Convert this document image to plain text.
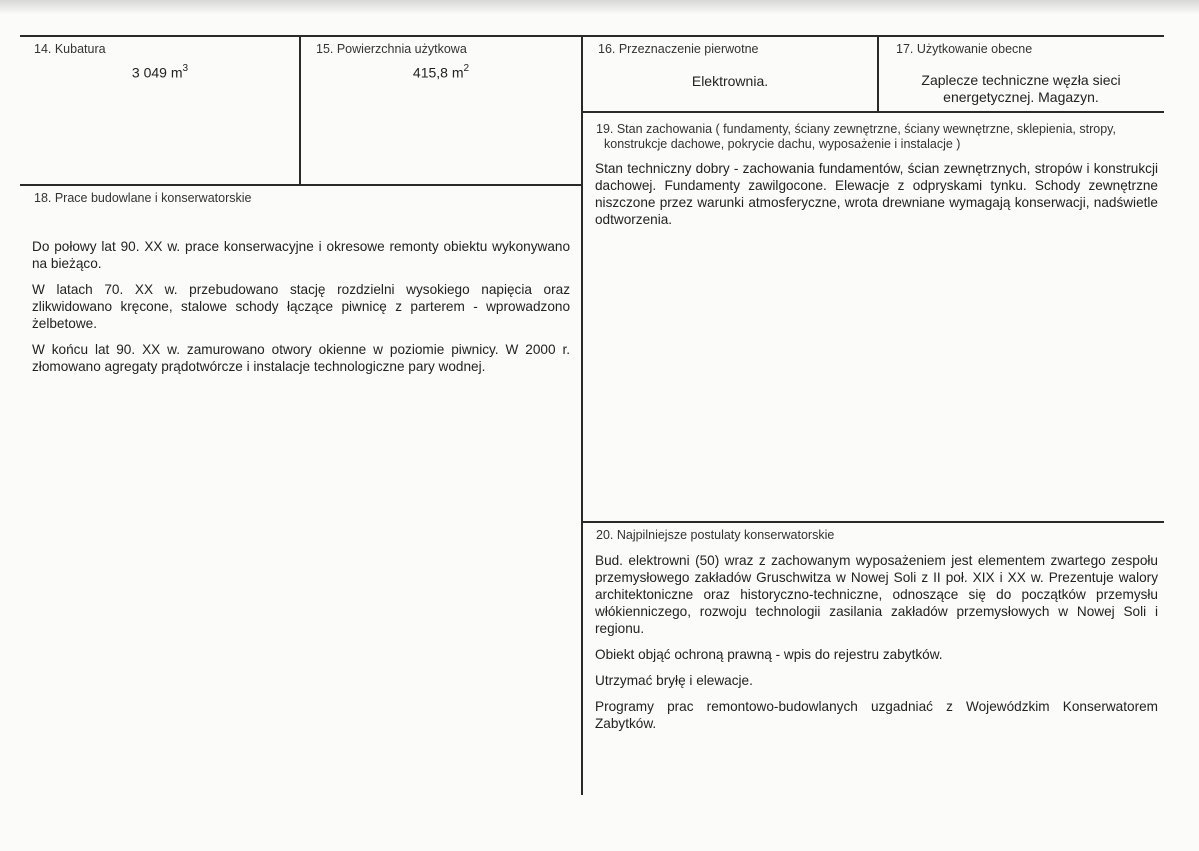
14. Kubatura
3 049 $m^3$
15. Powierzchnia użytkowa
415,8 $m^2$
16. Przeznaczenie pierwotne
Elektrownia.
17. Użytkowanie obecne
Zaplecze techniczne węzła sieci
energetycznej. Magazyn.
18. Prace budowlane i konserwatorskie

Do połowy lat 90. XX w. prace konserwacyjne i okresowe remonty obiektu wykonywano na bieżąco.

W latach 70. XX w. przebudowano stację rozdzielni wysokiego napięcia oraz zlikwidowano kręcone, stalowe schody łączące piwnicę z parterem - wprowadzono żelbetowe.

W końcu lat 90. XX w. zamurowano otwory okienne w poziomie piwnicy. W 2000 r. złomowano agregaty prądotwórcze i instalacje technologiczne pary wodnej.

19. Stan zachowania ( fundamenty, ściany zewnętrzne, ściany wewnętrzne, sklepienia, stropy,
konstrukcje dachowe, pokrycie dachu, wyposażenie i instalacje )

Stan techniczny dobry - zachowania fundamentów, ścian zewnętrznych, stropów i konstrukcji dachowej. Fundamenty zawilgocone. Elewacje z odpryskami tynku. Schody zewnętrzne niszczone przez warunki atmosferyczne, wrota drewniane wymagają konserwacji, nadświetle odtworzenia.

20. Najpilniejsze postulaty konserwatorskie

Bud. elektrowni (50) wraz z zachowanym wyposażeniem jest elementem zwartego zespołu przemysłowego zakładów Gruschwitza w Nowej Soli z II poł. XIX i XX w. Prezentuje walory architektoniczne oraz historyczno-techniczne, odnoszące się do początków przemysłu włókienniczego, rozwoju technologii zasilania zakładów przemysłowych w Nowej Soli i regionu.

Obiekt objąć ochroną prawną - wpis do rejestru zabytków.

Utrzymać bryłę i elewacje.

Programy prac remontowo-budowlanych uzgadniać z Wojewódzkim Konserwatorem Zabytków.
